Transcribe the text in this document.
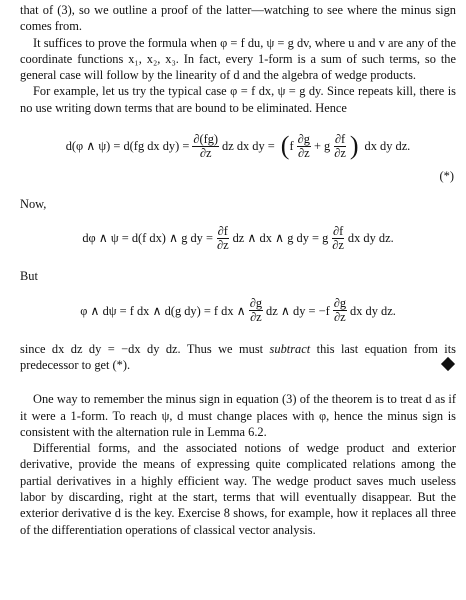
that of (3), so we outline a proof of the latter—watching to see where the minus sign comes from.

It suffices to prove the formula when φ = f du, ψ = g dv, where u and v are any of the coordinate functions x₁, x₂, x₃. In fact, every 1-form is a sum of such terms, so the general case will follow by the linearity of d and the algebra of wedge products.

For example, let us try the typical case φ = f dx, ψ = g dy. Since repeats kill, there is no use writing down terms that are bound to be eliminated. Hence

d(φ ∧ ψ) = d(fg dx $dy) = \frac{\partial(fg)}{\partial z}$ dz dx dy = ( f $\frac{\partial g}{\partial z} + g \frac{\partial f}{\partial z}$ ) dx dy dz.
(*)

Now,

dφ ∧ ψ = d(f dx) ∧ g dy = $\frac{\partial f}{\partial z}$ dz ∧ dx ∧ g dy = g $\frac{\partial f}{\partial z}$ dx dy dz.

But

φ ∧ dψ = f dx ∧ d(g dy) = f dx ∧ $\frac{\partial g}{\partial z}$ dz ∧ dy = $-f \frac{\partial g}{\partial z}$ dx dy dz.

since dx dz dy = −dx dy dz. Thus we must subtract this last equation from its predecessor to get (*).

One way to remember the minus sign in equation (3) of the theorem is to treat d as if it were a 1-form. To reach ψ, d must change places with φ, hence the minus sign is consistent with the alternation rule in Lemma 6.2.

Differential forms, and the associated notions of wedge product and exterior derivative, provide the means of expressing quite complicated relations among the partial derivatives in a highly efficient way. The wedge product saves much useless labor by discarding, right at the start, terms that will eventually disappear. But the exterior derivative d is the key. Exercise 8 shows, for example, how it replaces all three of the differentiation operations of classical vector analysis.
